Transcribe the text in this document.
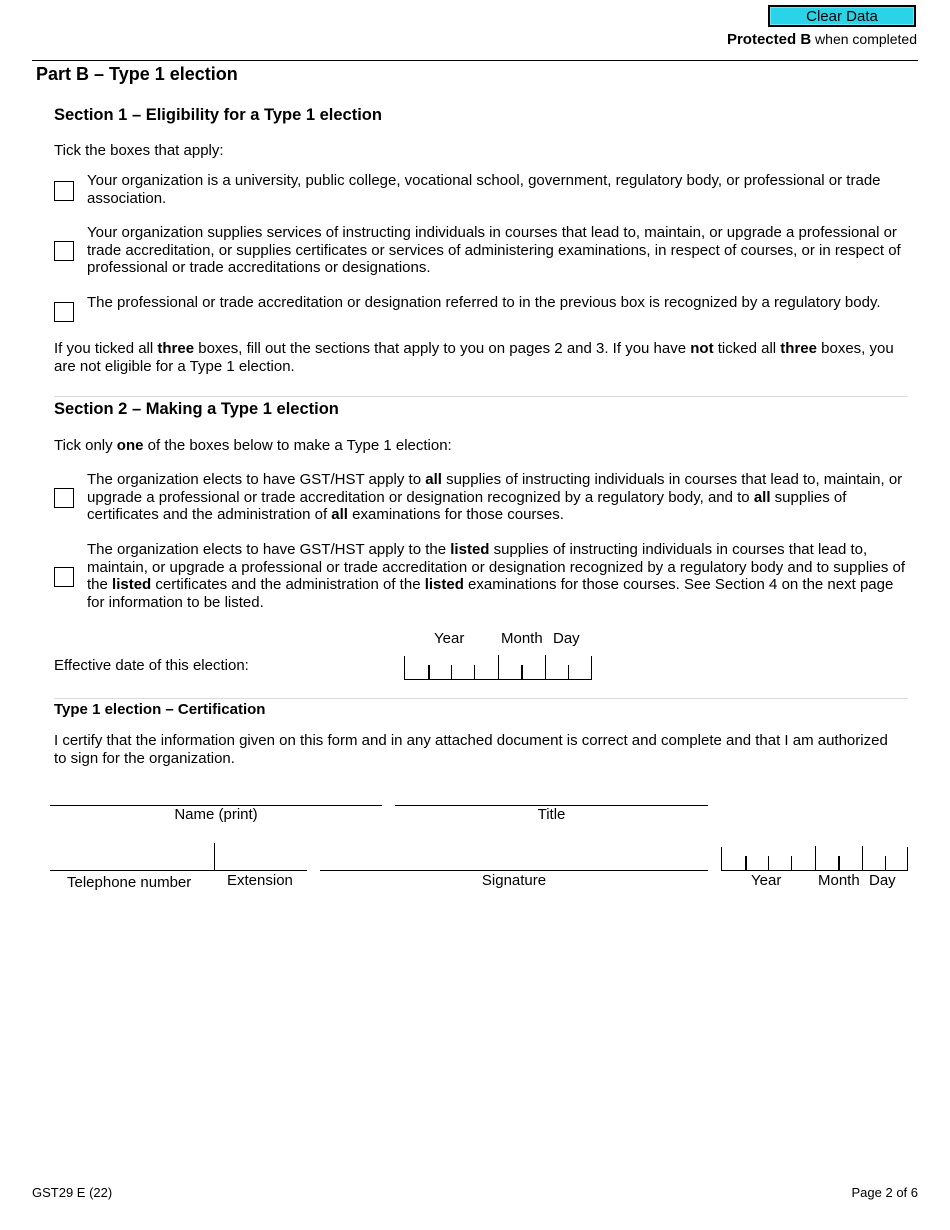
Clear Data
Protected B when completed
Part B – Type 1 election
Section 1 – Eligibility for a Type 1 election
Tick the boxes that apply:
Your organization is a university, public college, vocational school, government, regulatory body, or professional or trade association.
Your organization supplies services of instructing individuals in courses that lead to, maintain, or upgrade a professional or trade accreditation, or supplies certificates or services of administering examinations, in respect of courses, or in respect of professional or trade accreditations or designations.
The professional or trade accreditation or designation referred to in the previous box is recognized by a regulatory body.
If you ticked all three boxes, fill out the sections that apply to you on pages 2 and 3. If you have not ticked all three boxes, you are not eligible for a Type 1 election.
Section 2 – Making a Type 1 election
Tick only one of the boxes below to make a Type 1 election:
The organization elects to have GST/HST apply to all supplies of instructing individuals in courses that lead to, maintain, or upgrade a professional or trade accreditation or designation recognized by a regulatory body, and to all supplies of certificates and the administration of all examinations for those courses.
The organization elects to have GST/HST apply to the listed supplies of instructing individuals in courses that lead to, maintain, or upgrade a professional or trade accreditation or designation recognized by a regulatory body and to supplies of the listed certificates and the administration of the listed examinations for those courses. See Section 4 on the next page for information to be listed.
Year Month Day
Effective date of this election:
Type 1 election – Certification
I certify that the information given on this form and in any attached document is correct and complete and that I am authorized to sign for the organization.
Name (print)	Title
Telephone number Extension	Signature	Year Month Day
GST29 E (22)	Page 2 of 6
